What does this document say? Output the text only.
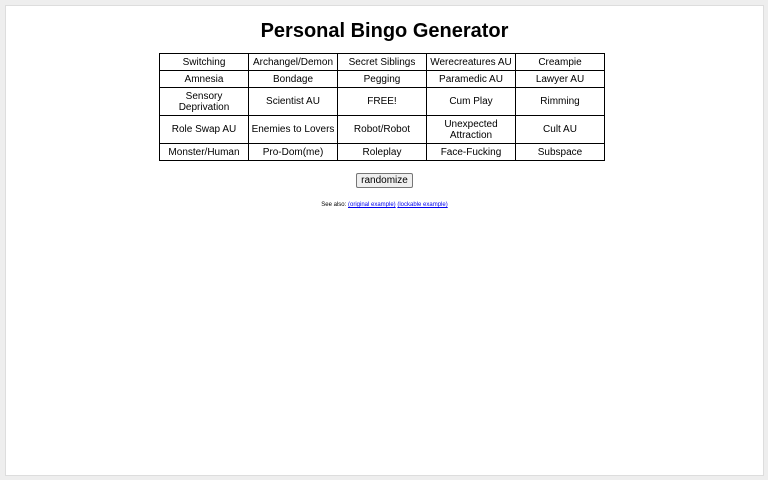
Personal Bingo Generator
Switching	Archangel/Demon	Secret Siblings	Werecreatures AU	Creampie
Amnesia	Bondage	Pegging	Paramedic AU	Lawyer AU
Sensory Deprivation	Scientist AU	FREE!	Cum Play	Rimming
Role Swap AU	Enemies to Lovers	Robot/Robot	Unexpected Attraction	Cult AU
Monster/Human	Pro-Dom(me)	Roleplay	Face-Fucking	Subspace
randomize
See also: (original example) (lockable example)
